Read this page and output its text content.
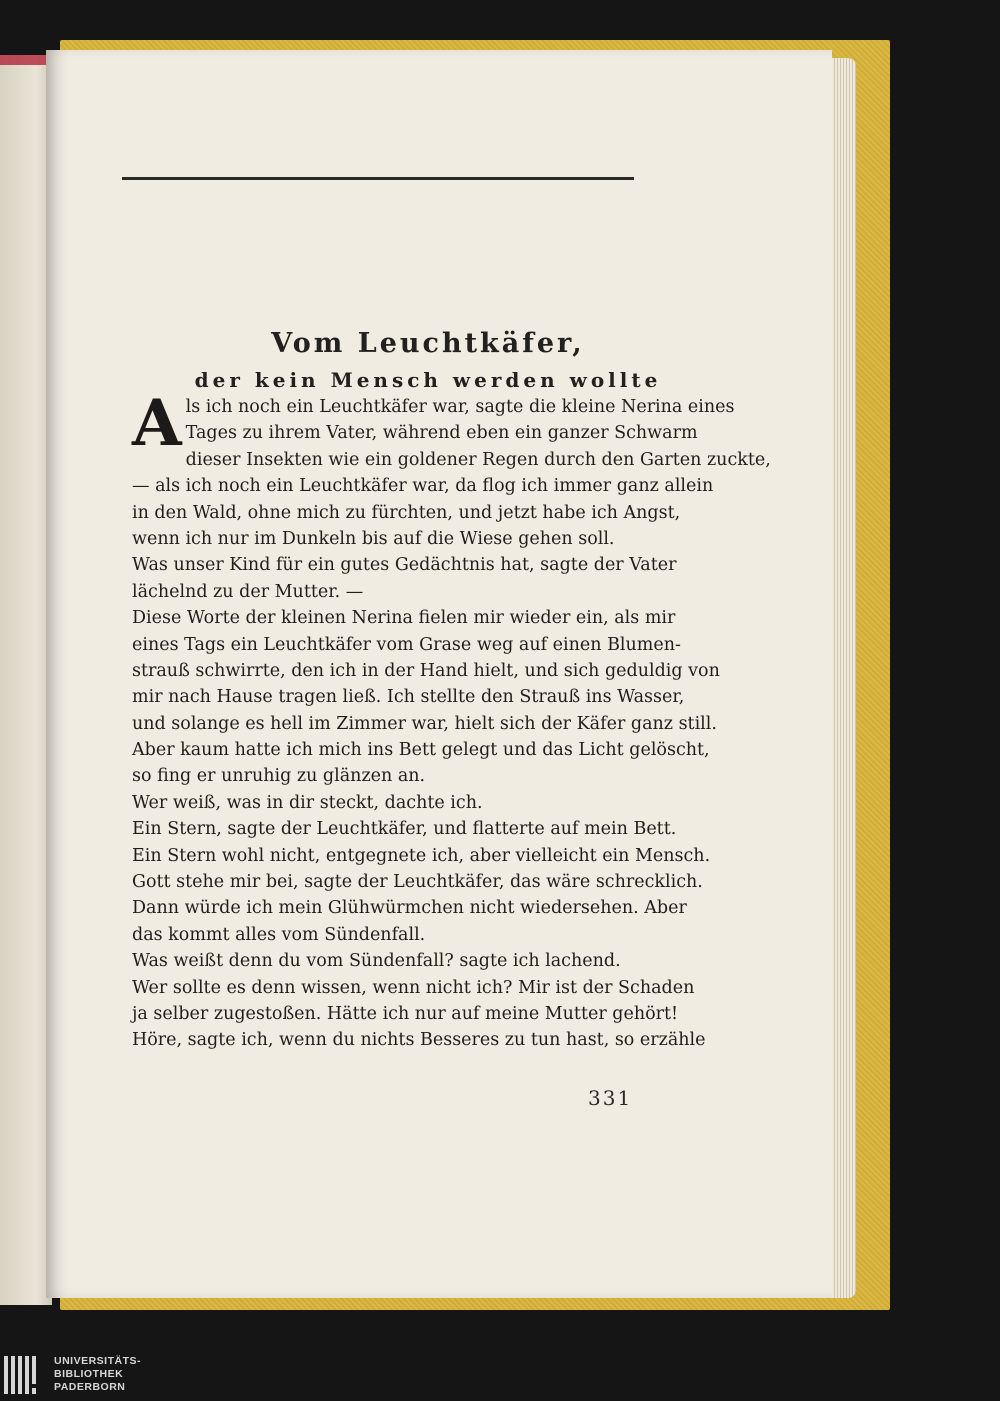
Vom Leuchtkäfer,
der kein Mensch werden wollte
A ls ich noch ein Leuchtkäfer war, sagte die kleine Nerina eines
Tages zu ihrem Vater, während eben ein ganzer Schwarm
dieser Insekten wie ein goldener Regen durch den Garten zuckte,
— als ich noch ein Leuchtkäfer war, da flog ich immer ganz allein
in den Wald, ohne mich zu fürchten, und jetzt habe ich Angst,
wenn ich nur im Dunkeln bis auf die Wiese gehen soll.
Was unser Kind für ein gutes Gedächtnis hat, sagte der Vater
lächelnd zu der Mutter. —
Diese Worte der kleinen Nerina fielen mir wieder ein, als mir
eines Tags ein Leuchtkäfer vom Grase weg auf einen Blumen-
strauß schwirrte, den ich in der Hand hielt, und sich geduldig von
mir nach Hause tragen ließ. Ich stellte den Strauß ins Wasser,
und solange es hell im Zimmer war, hielt sich der Käfer ganz still.
Aber kaum hatte ich mich ins Bett gelegt und das Licht gelöscht,
so fing er unruhig zu glänzen an.
Wer weiß, was in dir steckt, dachte ich.
Ein Stern, sagte der Leuchtkäfer, und flatterte auf mein Bett.
Ein Stern wohl nicht, entgegnete ich, aber vielleicht ein Mensch.
Gott stehe mir bei, sagte der Leuchtkäfer, das wäre schrecklich.
Dann würde ich mein Glühwürmchen nicht wiedersehen. Aber
das kommt alles vom Sündenfall.
Was weißt denn du vom Sündenfall? sagte ich lachend.
Wer sollte es denn wissen, wenn nicht ich? Mir ist der Schaden
ja selber zugestoßen. Hätte ich nur auf meine Mutter gehört!
Höre, sagte ich, wenn du nichts Besseres zu tun hast, so erzähle
331
UNIVERSITÄTS-
BIBLIOTHEK
PADERBORN
